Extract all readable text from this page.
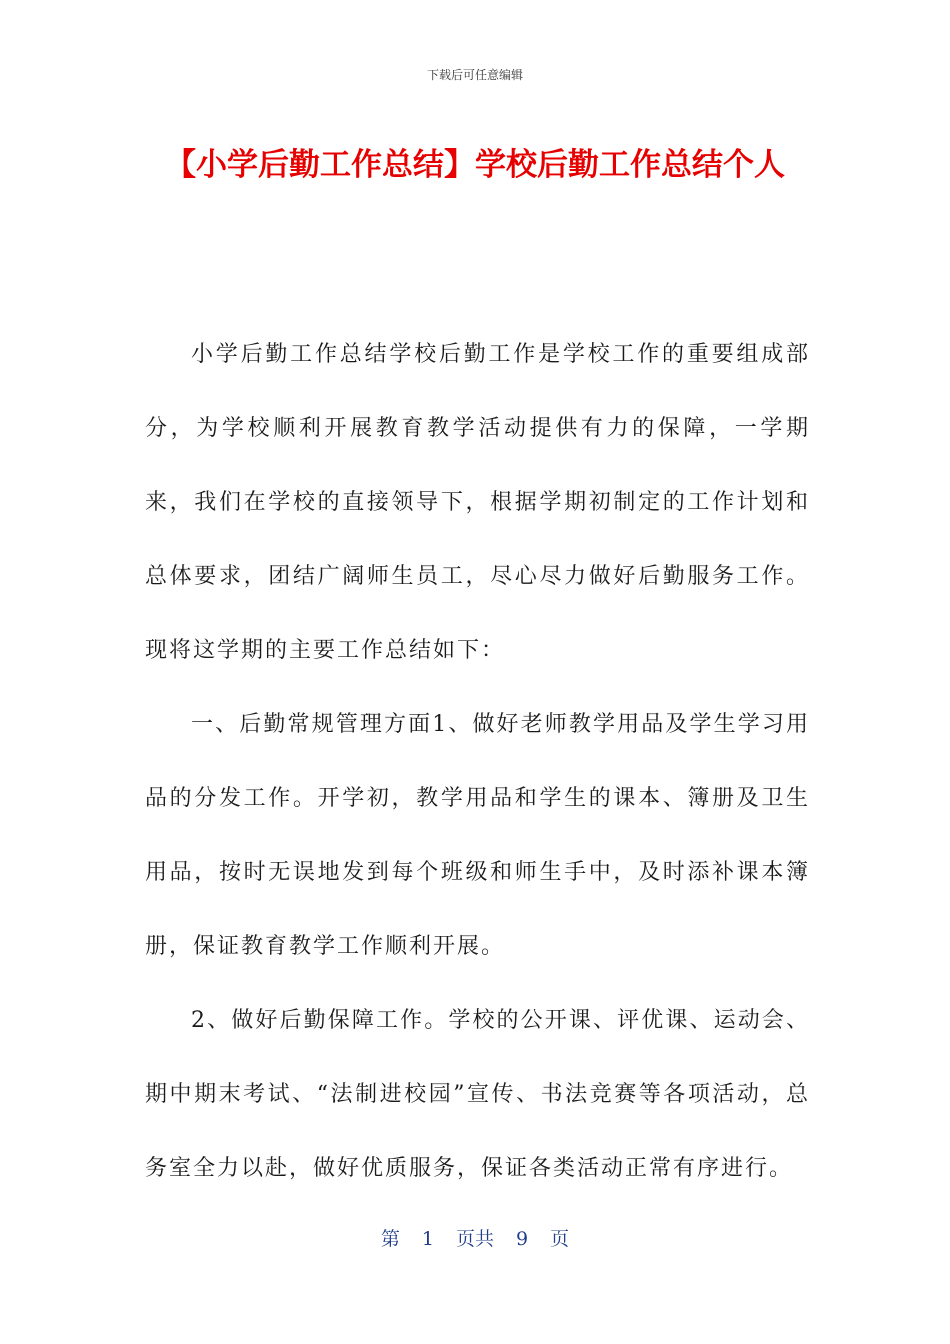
下载后可任意编辑
【小学后勤工作总结】学校后勤工作总结个人

小学后勤工作总结学校后勤工作是学校工作的重要组成部分，为学校顺利开展教育教学活动提供有力的保障，一学期来，我们在学校的直接领导下，根据学期初制定的工作计划和总体要求，团结广阔师生员工，尽心尽力做好后勤服务工作。现将这学期的主要工作总结如下：

一、后勤常规管理方面1、做好老师教学用品及学生学习用品的分发工作。开学初，教学用品和学生的课本、簿册及卫生用品，按时无误地发到每个班级和师生手中，及时添补课本簿册，保证教育教学工作顺利开展。

2、做好后勤保障工作。学校的公开课、评优课、运动会、期中期末考试、“法制进校园”宣传、书法竞赛等各项活动，总务室全力以赴，做好优质服务，保证各类活动正常有序进行。

第 1 页共 9 页
